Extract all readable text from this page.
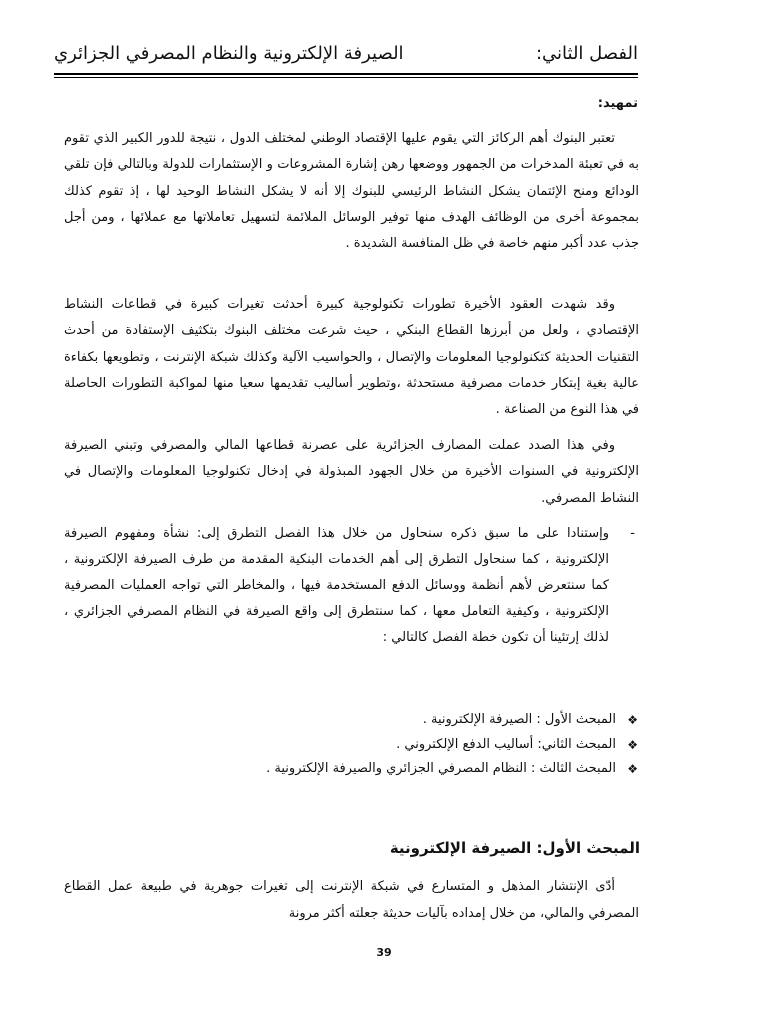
الفصل الثاني:
الصيرفة الإلكترونية والنظام المصرفي الجزائري
تمهيد:

تعتبر البنوك أهم الركائز التي يقوم عليها الإقتصاد الوطني لمختلف الدول ، نتيجة للدور الكبير الذي تقوم به في تعبئة المدخرات من الجمهور ووضعها رهن إشارة المشروعات و الإستثمارات للدولة وبالتالي فإن تلقي الودائع ومنح الإئتمان يشكل النشاط الرئيسي للبنوك إلا أنه لا يشكل النشاط الوحيد لها ، إذ تقوم كذلك بمجموعة أخرى من الوظائف الهدف منها توفير الوسائل الملائمة لتسهيل تعاملاتها مع عملائها ، ومن أجل جذب عدد أكبر منهم خاصة في ظل المنافسة الشديدة .

وقد شهدت العقود الأخيرة تطورات تكنولوجية كبيرة أحدثت تغيرات كبيرة في قطاعات النشاط الإقتصادي ، ولعل من أبرزها القطاع البنكي ، حيث شرعت مختلف البنوك بتكثيف الإستفادة من أحدث التقنيات الحديثة كتكنولوجيا المعلومات والإتصال ، والحواسيب الآلية وكذلك شبكة الإنترنت ، وتطويعها بكفاءة عالية بغية إبتكار خدمات مصرفية مستحدثة ،وتطوير أساليب تقديمها سعيا منها لمواكبة التطورات الحاصلة في هذا النوع من الصناعة .

وفي هذا الصدد عملت المصارف الجزائرية على عصرنة قطاعها المالي والمصرفي وتبني الصيرفة الإلكترونية في السنوات الأخيرة من خلال الجهود المبذولة في إدخال تكنولوجيا المعلومات والإتصال في النشاط المصرفي.

-

وإستنادا على ما سبق ذكره سنحاول من خلال هذا الفصل التطرق إلى: نشأة ومفهوم الصيرفة الإلكترونية ، كما سنحاول التطرق إلى أهم الخدمات البنكية المقدمة من طرف الصيرفة الإلكترونية ، كما سنتعرض لأهم أنظمة ووسائل الدفع المستخدمة فيها ، والمخاطر التي تواجه العمليات المصرفية الإلكترونية ، وكيفية التعامل معها ، كما سنتطرق إلى واقع الصيرفة في النظام المصرفي الجزائري ، لذلك إرتئينا أن تكون خطة الفصل كالتالي :

❖
المبحث الأول : الصيرفة الإلكترونية .
❖
المبحث الثاني: أساليب الدفع الإلكتروني .
❖
المبحث الثالث : النظام المصرفي الجزائري والصيرفة الإلكترونية .
المبحث الأول: الصيرفة الإلكترونية

أدّى الإنتشار المذهل و المتسارع في شبكة الإنترنت إلى تغيرات جوهرية في طبيعة عمل القطاع المصرفي والمالي، من خلال إمداده بآليات حديثة جعلته أكثر مرونة

39
